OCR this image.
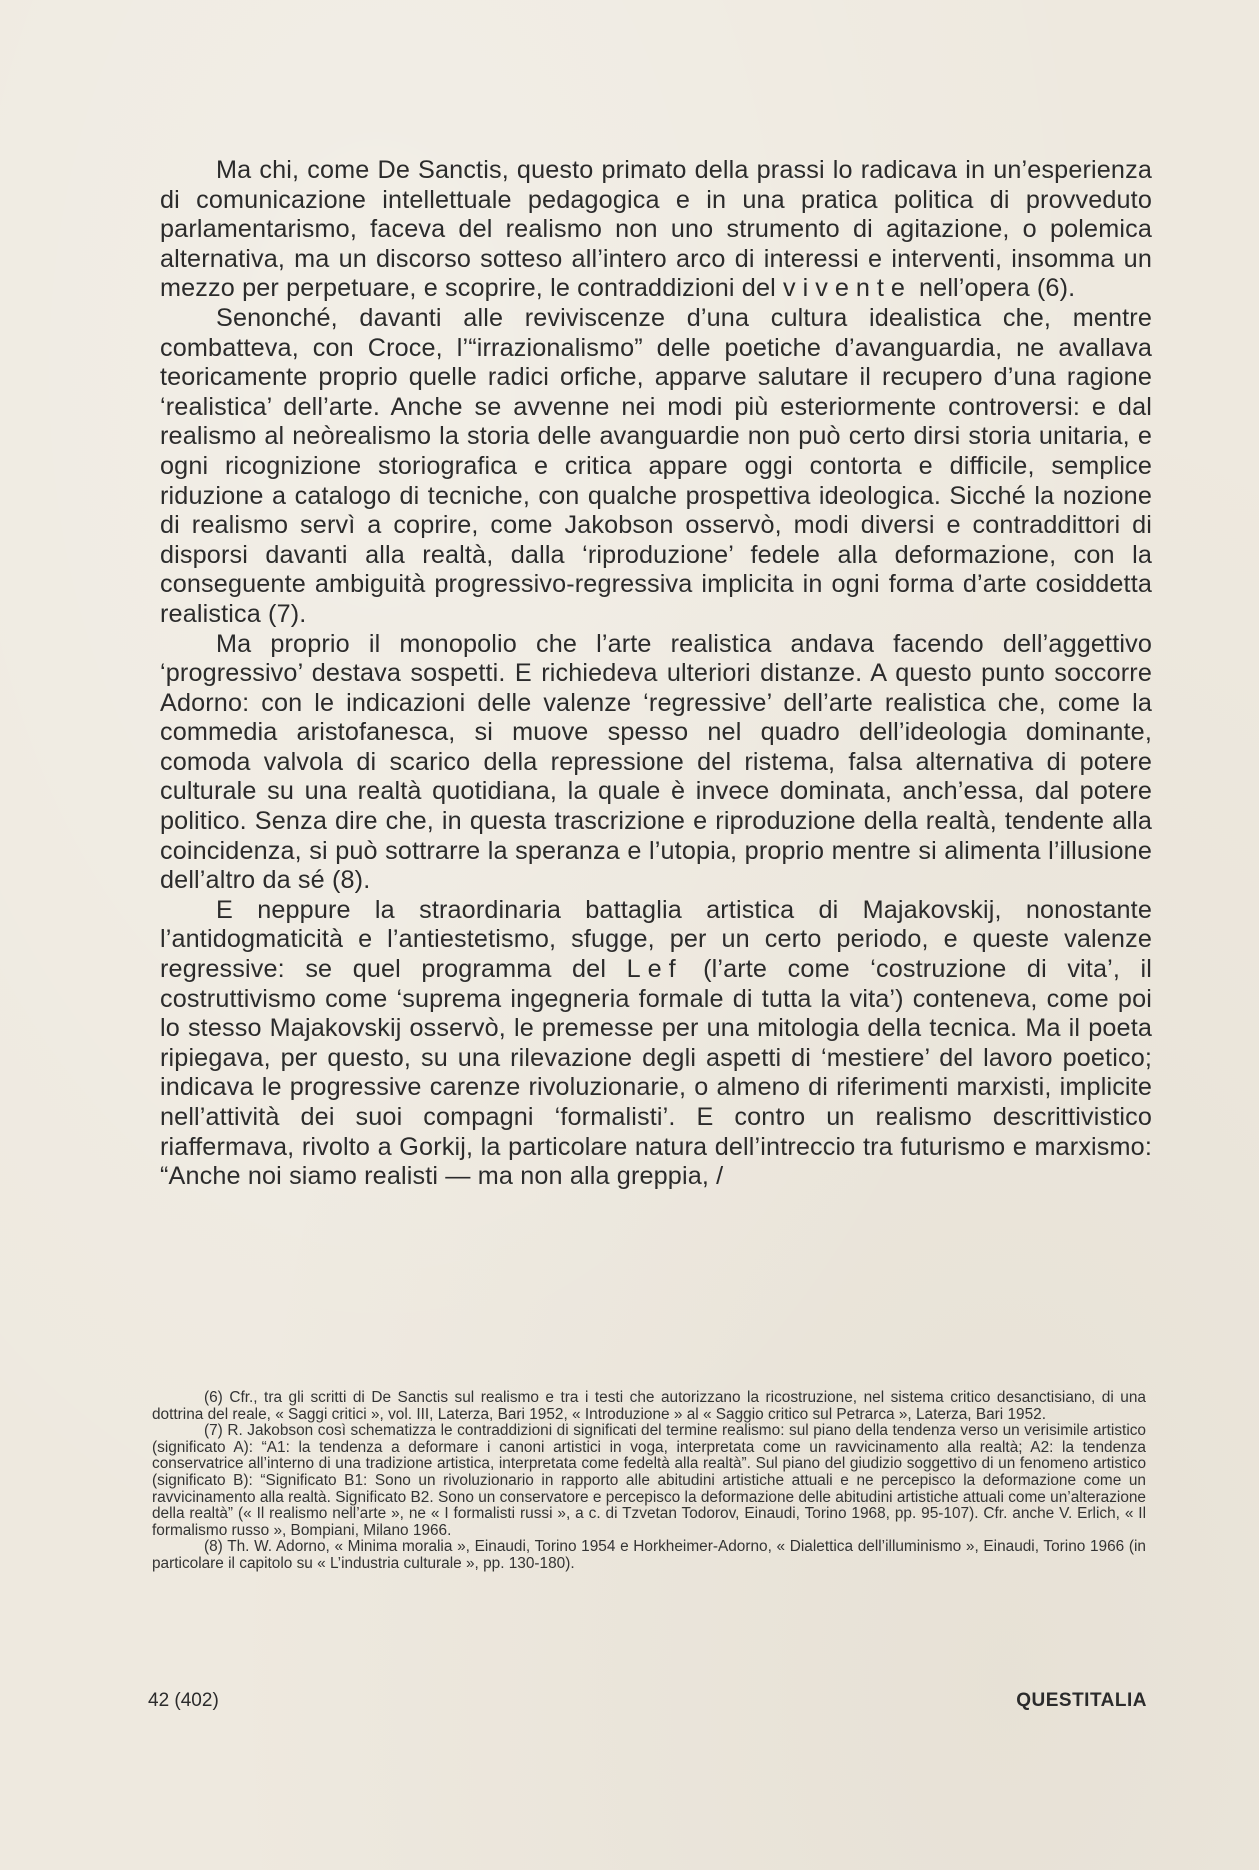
Ma chi, come De Sanctis, questo primato della prassi lo radicava in un’esperienza di comunicazione intellettuale pedagogica e in una pratica politica di provveduto parlamentarismo, faceva del realismo non uno strumento di agitazione, o polemica alternativa, ma un discorso sotteso all’intero arco di interessi e interventi, insomma un mezzo per perpetuare, e scoprire, le contraddizioni del vivente nell’opera (6).

Senonché, davanti alle reviviscenze d’una cultura idealistica che, mentre combatteva, con Croce, l’“irrazionalismo” delle poetiche d’avanguardia, ne avallava teoricamente proprio quelle radici orfiche, apparve salutare il recupero d’una ragione ‘realistica’ dell’arte. Anche se avvenne nei modi più esteriormente controversi: e dal realismo al neòrealismo la storia delle avanguardie non può certo dirsi storia unitaria, e ogni ricognizione storiografica e critica appare oggi contorta e difficile, semplice riduzione a catalogo di tecniche, con qualche prospettiva ideologica. Sicché la nozione di realismo servì a coprire, come Jakobson osservò, modi diversi e contraddittori di disporsi davanti alla realtà, dalla ‘riproduzione’ fedele alla deformazione, con la conseguente ambiguità progressivo-regressiva implicita in ogni forma d’arte cosiddetta realistica (7).

Ma proprio il monopolio che l’arte realistica andava facendo dell’aggettivo ‘progressivo’ destava sospetti. E richiedeva ulteriori distanze. A questo punto soccorre Adorno: con le indicazioni delle valenze ‘regressive’ dell’arte realistica che, come la commedia aristofanesca, si muove spesso nel quadro dell’ideologia dominante, comoda valvola di scarico della repressione del ristema, falsa alternativa di potere culturale su una realtà quotidiana, la quale è invece dominata, anch’essa, dal potere politico. Senza dire che, in questa trascrizione e riproduzione della realtà, tendente alla coincidenza, si può sottrarre la speranza e l’utopia, proprio mentre si alimenta l’illusione dell’altro da sé (8).

E neppure la straordinaria battaglia artistica di Majakovskij, nonostante l’antidogmaticità e l’antiestetismo, sfugge, per un certo periodo, e queste valenze regressive: se quel programma del Lef (l’arte come ‘costruzione di vita’, il costruttivismo come ‘suprema ingegneria formale di tutta la vita’) conteneva, come poi lo stesso Majakovskij osservò, le premesse per una mitologia della tecnica. Ma il poeta ripiegava, per questo, su una rilevazione degli aspetti di ‘mestiere’ del lavoro poetico; indicava le progressive carenze rivoluzionarie, o almeno di riferimenti marxisti, implicite nell’attività dei suoi compagni ‘formalisti’. E contro un realismo descrittivistico riaffermava, rivolto a Gorkij, la particolare natura dell’intreccio tra futurismo e marxismo: “Anche noi siamo realisti — ma non alla greppia, /

(6) Cfr., tra gli scritti di De Sanctis sul realismo e tra i testi che autorizzano la ricostruzione, nel sistema critico desanctisiano, di una dottrina del reale, « Saggi critici », vol. III, Laterza, Bari 1952, « Introduzione » al « Saggio critico sul Petrarca », Laterza, Bari 1952.

(7) R. Jakobson così schematizza le contraddizioni di significati del termine realismo: sul piano della tendenza verso un verisimile artistico (significato A): “A1: la tendenza a deformare i canoni artistici in voga, interpretata come un ravvicinamento alla realtà; A2: la tendenza conservatrice all’interno di una tradizione artistica, interpretata come fedeltà alla realtà”. Sul piano del giudizio soggettivo di un fenomeno artistico (significato B): “Significato B1: Sono un rivoluzionario in rapporto alle abitudini artistiche attuali e ne percepisco la deformazione come un ravvicinamento alla realtà. Significato B2. Sono un conservatore e percepisco la deformazione delle abitudini artistiche attuali come un’alterazione della realtà” (« Il realismo nell’arte », ne « I formalisti russi », a c. di Tzvetan Todorov, Einaudi, Torino 1968, pp. 95-107). Cfr. anche V. Erlich, « Il formalismo russo », Bompiani, Milano 1966.

(8) Th. W. Adorno, « Minima moralia », Einaudi, Torino 1954 e Horkheimer-Adorno, « Dialettica dell’illuminismo », Einaudi, Torino 1966 (in particolare il capitolo su « L’industria culturale », pp. 130-180).

42 (402)	QUESTITALIA
